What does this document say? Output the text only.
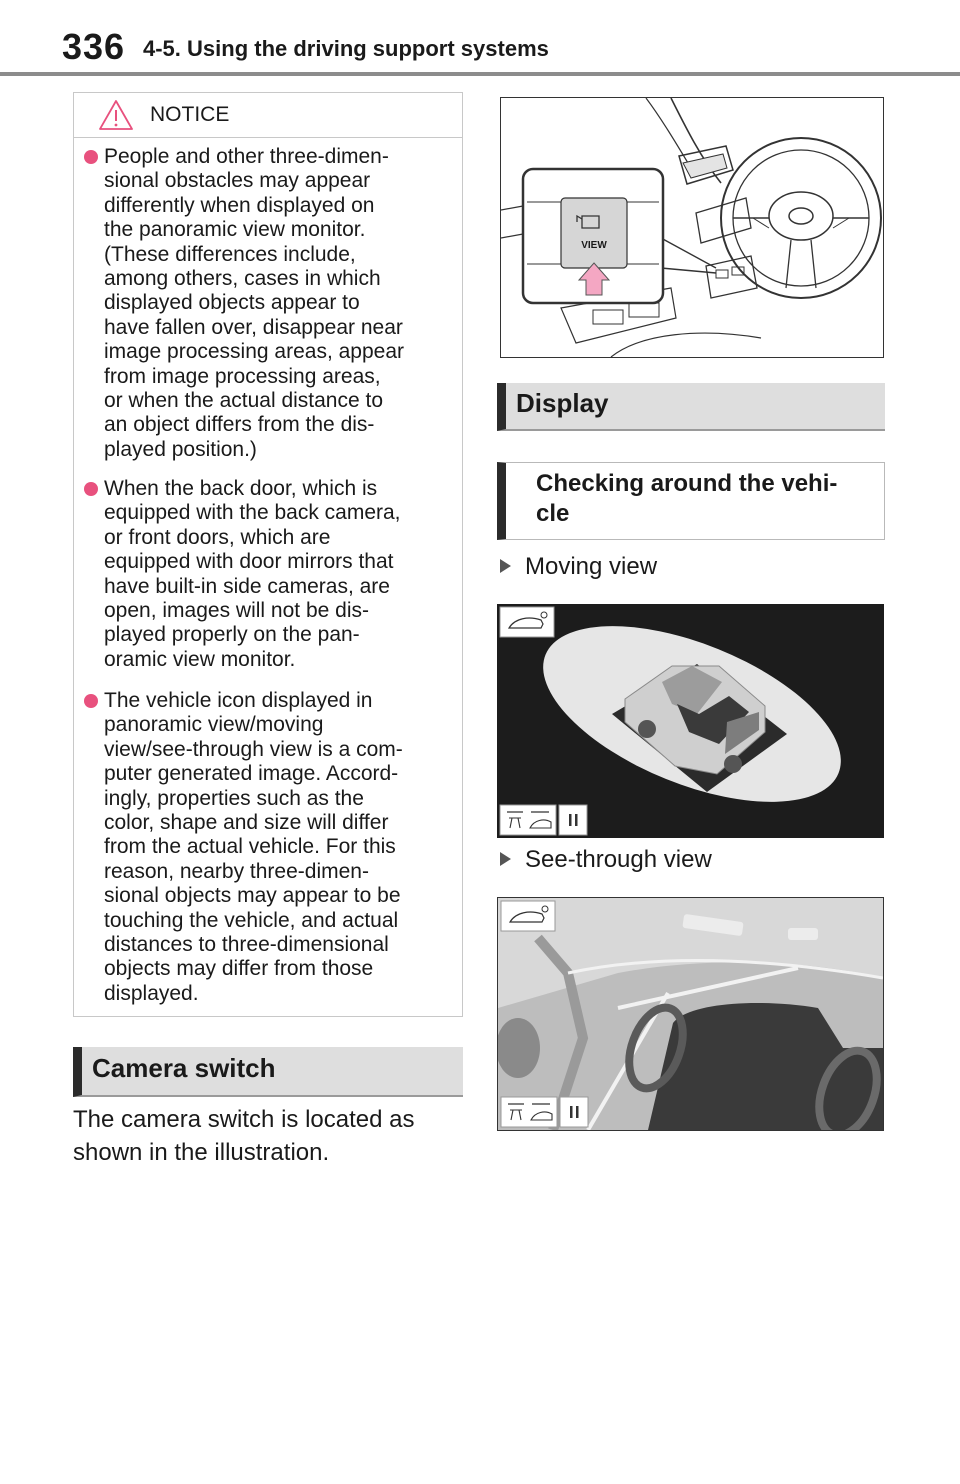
336 4-5. Using the driving support systems
NOTICE
People and other three-dimen-
sional obstacles may appear
differently when displayed on
the panoramic view monitor.
(These differences include,
among others, cases in which
displayed objects appear to
have fallen over, disappear near
image processing areas, appear
from image processing areas,
or when the actual distance to
an object differs from the dis-
played position.)
When the back door, which is
equipped with the back camera,
or front doors, which are
equipped with door mirrors that
have built-in side cameras, are
open, images will not be dis-
played properly on the pan-
oramic view monitor.
The vehicle icon displayed in
panoramic view/moving
view/see-through view is a com-
puter generated image. Accord-
ingly, properties such as the
color, shape and size will differ
from the actual vehicle. For this
reason, nearby three-dimen-
sional objects may appear to be
touching the vehicle, and actual
distances to three-dimensional
objects may differ from those
displayed.
Camera switch
The camera switch is located as
shown in the illustration.
VIEW
Display
Checking around the vehi-
cle
Moving view
See-through view
